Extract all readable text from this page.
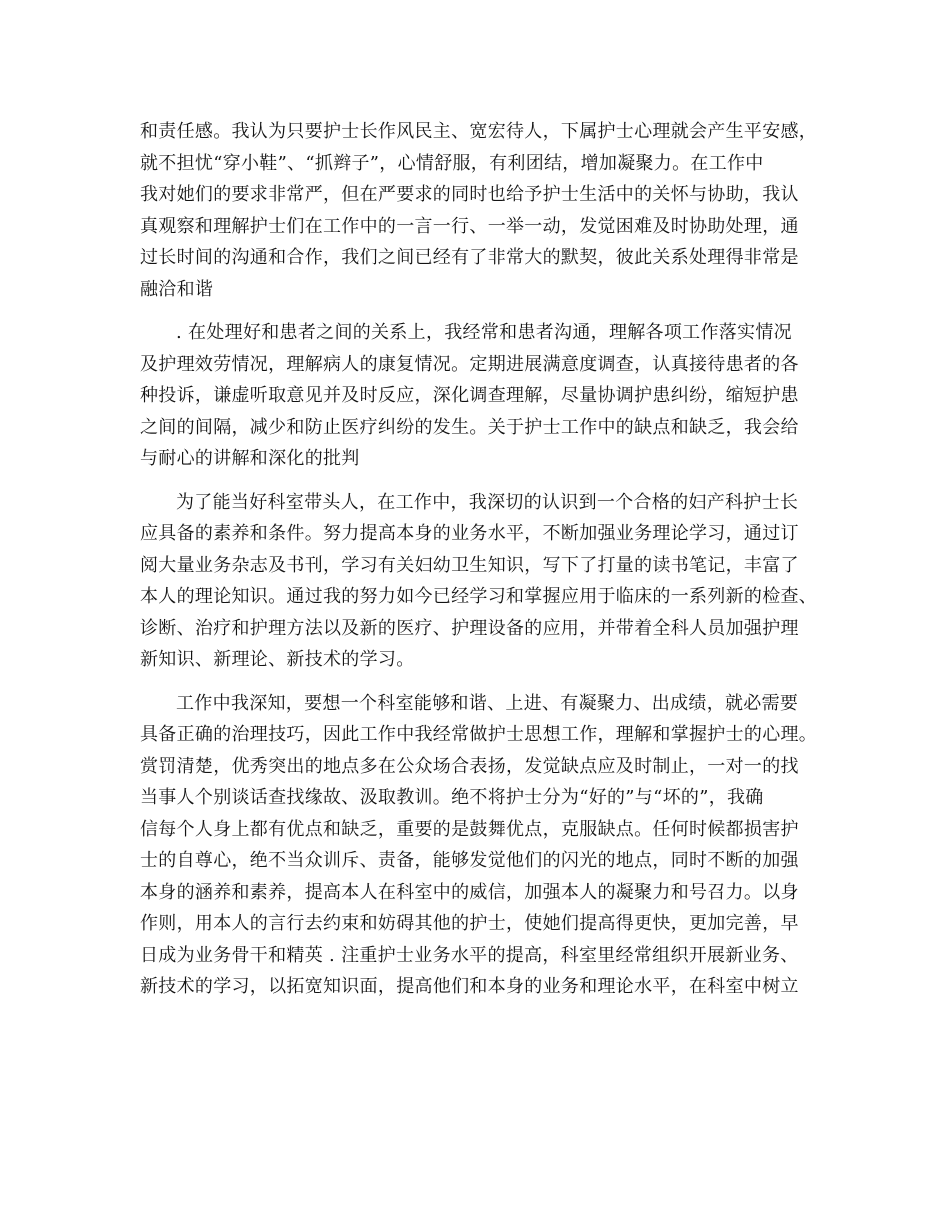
和责任感。我认为只要护士长作风民主、宽宏待人，下属护士心理就会产生平安感，
就不担忧“穿小鞋”、“抓辫子”，心情舒服，有利团结，增加凝聚力。在工作中
我对她们的要求非常严，但在严要求的同时也给予护士生活中的关怀与协助，我认
真观察和理解护士们在工作中的一言一行、一举一动，发觉困难及时协助处理，通
过长时间的沟通和合作，我们之间已经有了非常大的默契，彼此关系处理得非常是
融洽和谐
. 在处理好和患者之间的关系上，我经常和患者沟通，理解各项工作落实情况
及护理效劳情况，理解病人的康复情况。定期进展满意度调查，认真接待患者的各
种投诉，谦虚听取意见并及时反应，深化调查理解，尽量协调护患纠纷，缩短护患
之间的间隔，减少和防止医疗纠纷的发生。关于护士工作中的缺点和缺乏，我会给
与耐心的讲解和深化的批判
为了能当好科室带头人，在工作中，我深切的认识到一个合格的妇产科护士长
应具备的素养和条件。努力提高本身的业务水平，不断加强业务理论学习，通过订
阅大量业务杂志及书刊，学习有关妇幼卫生知识，写下了打量的读书笔记，丰富了
本人的理论知识。通过我的努力如今已经学习和掌握应用于临床的一系列新的检查、
诊断、治疗和护理方法以及新的医疗、护理设备的应用，并带着全科人员加强护理
新知识、新理论、新技术的学习。
工作中我深知，要想一个科室能够和谐、上进、有凝聚力、出成绩，就必需要
具备正确的治理技巧，因此工作中我经常做护士思想工作，理解和掌握护士的心理。
赏罚清楚，优秀突出的地点多在公众场合表扬，发觉缺点应及时制止，一对一的找
当事人个别谈话查找缘故、汲取教训。绝不将护士分为“好的”与“坏的”，我确
信每个人身上都有优点和缺乏，重要的是鼓舞优点，克服缺点。任何时候都损害护
士的自尊心，绝不当众训斥、责备，能够发觉他们的闪光的地点，同时不断的加强
本身的涵养和素养，提高本人在科室中的威信，加强本人的凝聚力和号召力。以身
作则，用本人的言行去约束和妨碍其他的护士，使她们提高得更快，更加完善，早
日成为业务骨干和精英 . 注重护士业务水平的提高，科室里经常组织开展新业务、
新技术的学习，以拓宽知识面，提高他们和本身的业务和理论水平，在科室中树立
